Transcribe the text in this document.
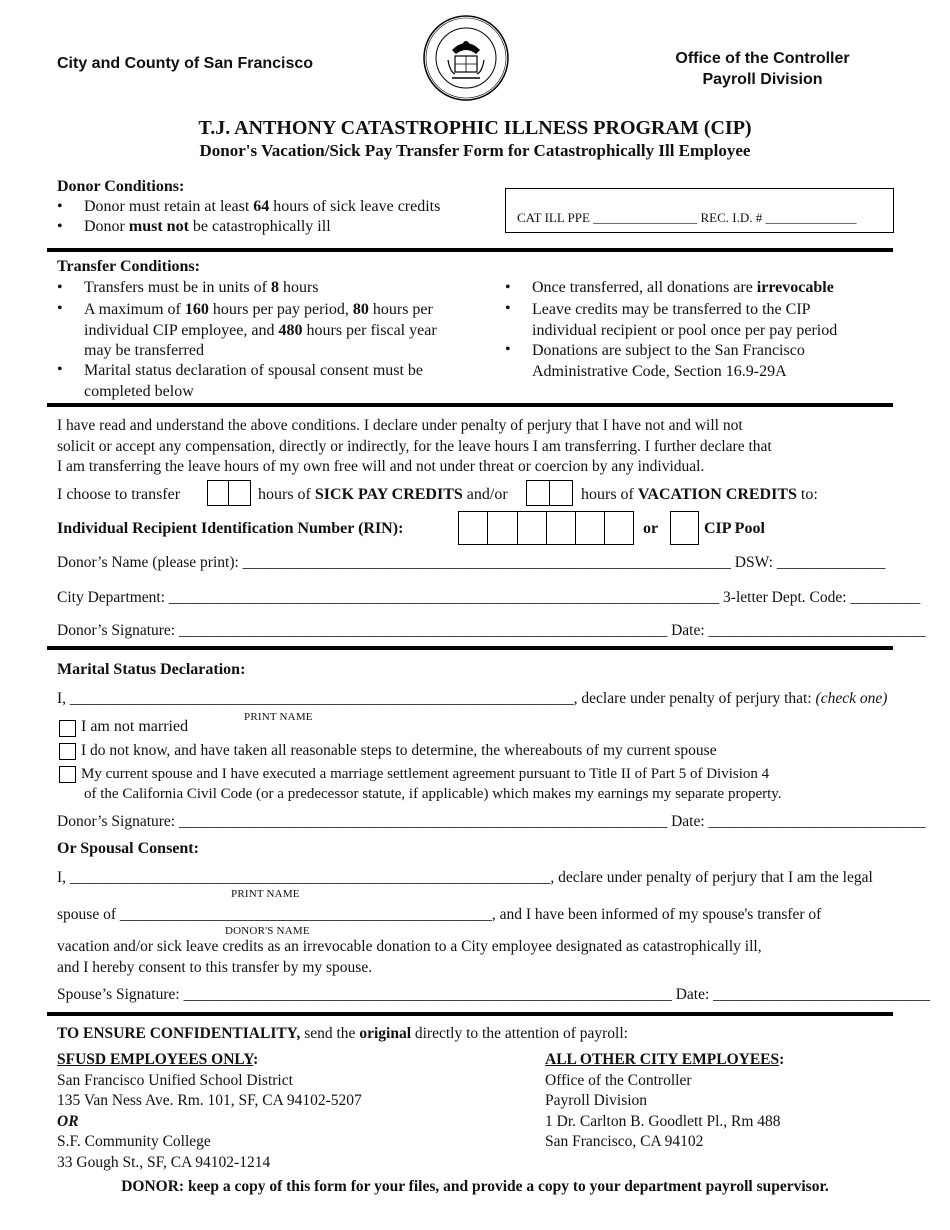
City and County of San Francisco	Office of the Controller
Payroll Division
T.J. ANTHONY CATASTROPHIC ILLNESS PROGRAM (CIP)
Donor's Vacation/Sick Pay Transfer Form for Catastrophically Ill Employee
Donor Conditions:
• Donor must retain at least 64 hours of sick leave credits
• Donor must not be catastrophically ill
CAT ILL PPE ________________ REC. I.D. # ______________
Transfer Conditions:
• Transfers must be in units of 8 hours
• A maximum of 160 hours per pay period, 80 hours per
individual CIP employee, and 480 hours per fiscal year
may be transferred
• Marital status declaration of spousal consent must be
completed below
• Once transferred, all donations are irrevocable
• Leave credits may be transferred to the CIP
individual recipient or pool once per pay period
• Donations are subject to the San Francisco
Administrative Code, Section 16.9-29A
I have read and understand the above conditions. I declare under penalty of perjury that I have not and will not
solicit or accept any compensation, directly or indirectly, for the leave hours I am transferring. I further declare that
I am transferring the leave hours of my own free will and not under threat or coercion by any individual.
I choose to transfer	hours of SICK PAY CREDITS and/or	hours of VACATION CREDITS to:
Individual Recipient Identification Number (RIN):	or	CIP Pool
Donor’s Name (please print): _______________________________________________________________ DSW: ______________
City Department: _______________________________________________________________________ 3-letter Dept. Code: _________
Donor’s Signature: _______________________________________________________________ Date: ____________________________
Marital Status Declaration:
I, _________________________________________________________________, declare under penalty of perjury that: (check one)
PRINT NAME
I am not married
I do not know, and have taken all reasonable steps to determine, the whereabouts of my current spouse
My current spouse and I have executed a marriage settlement agreement pursuant to Title II of Part 5 of Division 4
of the California Civil Code (or a predecessor statute, if applicable) which makes my earnings my separate property.
Donor’s Signature: _______________________________________________________________ Date: ____________________________
Or Spousal Consent:
I, ______________________________________________________________, declare under penalty of perjury that I am the legal
PRINT NAME
spouse of ________________________________________________, and I have been informed of my spouse's transfer of
DONOR'S NAME
vacation and/or sick leave credits as an irrevocable donation to a City employee designated as catastrophically ill,
and I hereby consent to this transfer by my spouse.
Spouse’s Signature: _______________________________________________________________ Date: ____________________________
TO ENSURE CONFIDENTIALITY, send the original directly to the attention of payroll:
SFUSD EMPLOYEES ONLY:
San Francisco Unified School District
135 Van Ness Ave. Rm. 101, SF, CA 94102-5207
OR
S.F. Community College
33 Gough St., SF, CA 94102-1214
ALL OTHER CITY EMPLOYEES:
Office of the Controller
Payroll Division
1 Dr. Carlton B. Goodlett Pl., Rm 488
San Francisco, CA 94102
DONOR: keep a copy of this form for your files, and provide a copy to your department payroll supervisor.
